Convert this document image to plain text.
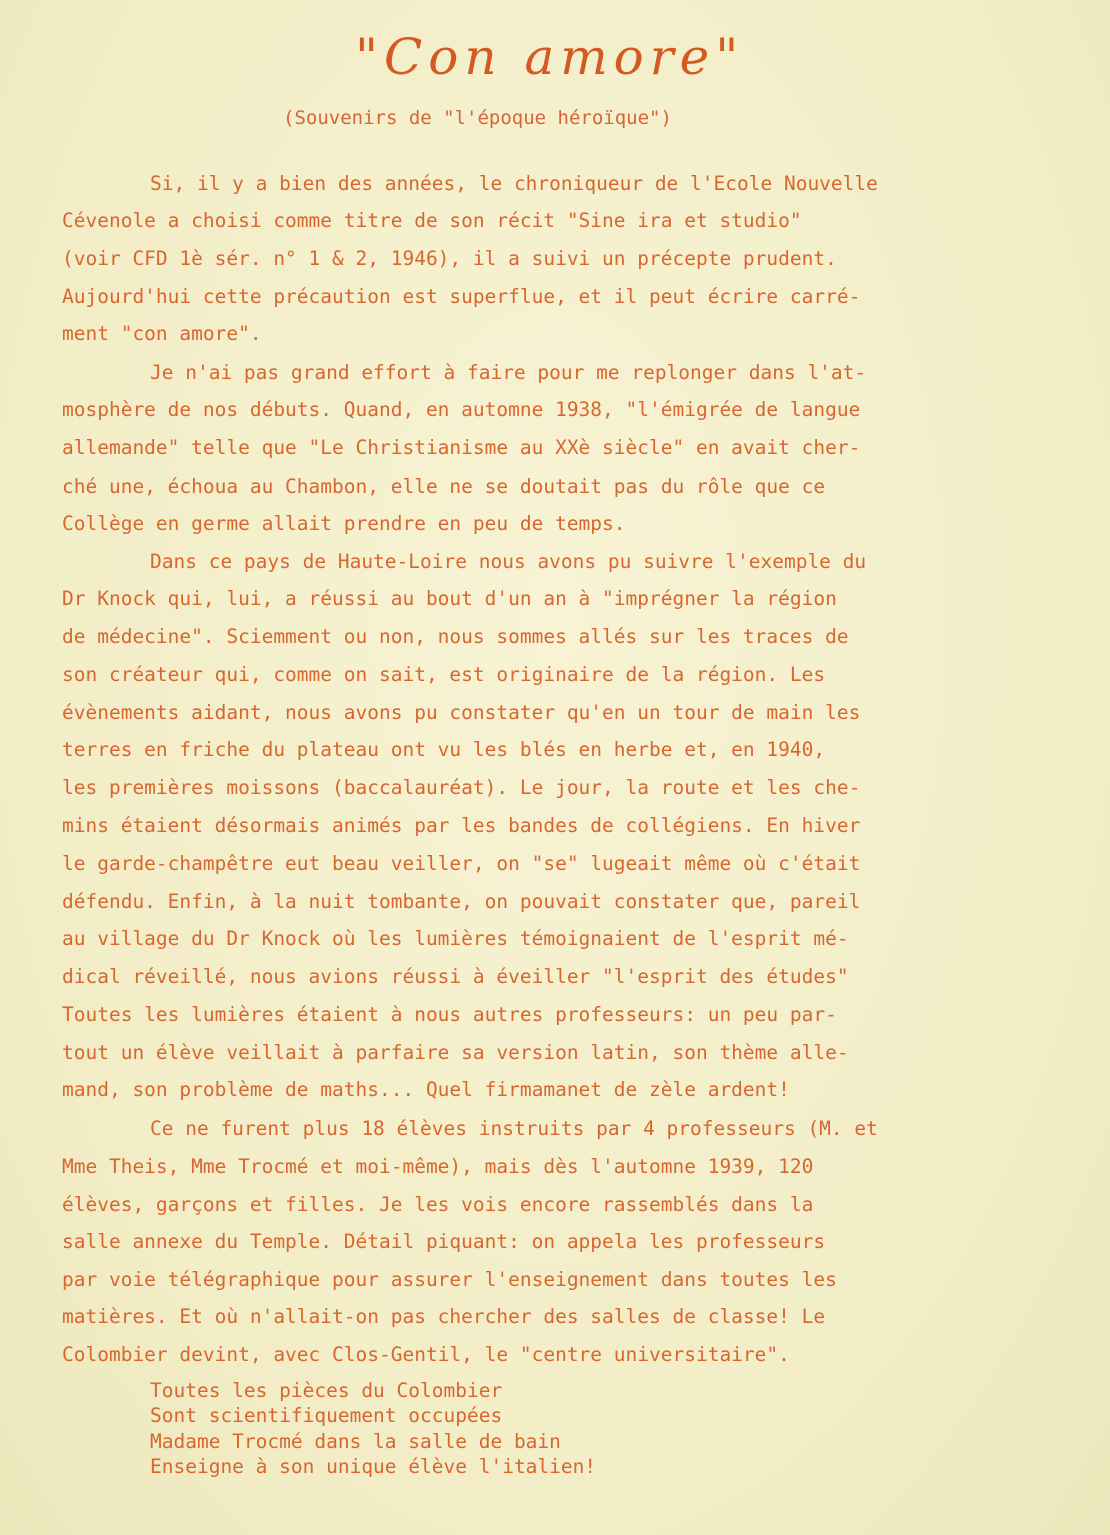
"Con amore"
(Souvenirs de "l'époque héroïque")
Si, il y a bien des années, le chroniqueur de l'Ecole Nouvelle
Cévenole a choisi comme titre de son récit "Sine ira et studio"
(voir CFD 1è sér. n° 1 & 2, 1946), il a suivi un précepte prudent.
Aujourd'hui cette précaution est superflue, et il peut écrire carré-
ment "con amore".
Je n'ai pas grand effort à faire pour me replonger dans l'at-
mosphère de nos débuts. Quand, en automne 1938, "l'émigrée de langue
allemande" telle que "Le Christianisme au XXè siècle" en avait cher-
ché une, échoua au Chambon, elle ne se doutait pas du rôle que ce
Collège en germe allait prendre en peu de temps.
Dans ce pays de Haute-Loire nous avons pu suivre l'exemple du
Dr Knock qui, lui, a réussi au bout d'un an à "imprégner la région
de médecine". Sciemment ou non, nous sommes allés sur les traces de
son créateur qui, comme on sait, est originaire de la région. Les
évènements aidant, nous avons pu constater qu'en un tour de main les
terres en friche du plateau ont vu les blés en herbe et, en 1940,
les premières moissons (baccalauréat). Le jour, la route et les che-
mins étaient désormais animés par les bandes de collégiens. En hiver
le garde-champêtre eut beau veiller, on "se" lugeait même où c'était
défendu. Enfin, à la nuit tombante, on pouvait constater que, pareil
au village du Dr Knock où les lumières témoignaient de l'esprit mé-
dical réveillé, nous avions réussi à éveiller "l'esprit des études"
Toutes les lumières étaient à nous autres professeurs: un peu par-
tout un élève veillait à parfaire sa version latin, son thème alle-
mand, son problème de maths... Quel firmamanet de zèle ardent!
Ce ne furent plus 18 élèves instruits par 4 professeurs (M. et
Mme Theis, Mme Trocmé et moi-même), mais dès l'automne 1939, 120
élèves, garçons et filles. Je les vois encore rassemblés dans la
salle annexe du Temple. Détail piquant: on appela les professeurs
par voie télégraphique pour assurer l'enseignement dans toutes les
matières. Et où n'allait-on pas chercher des salles de classe! Le
Colombier devint, avec Clos-Gentil, le "centre universitaire".
Toutes les pièces du Colombier
Sont scientifiquement occupées
Madame Trocmé dans la salle de bain
Enseigne à son unique élève l'italien!
